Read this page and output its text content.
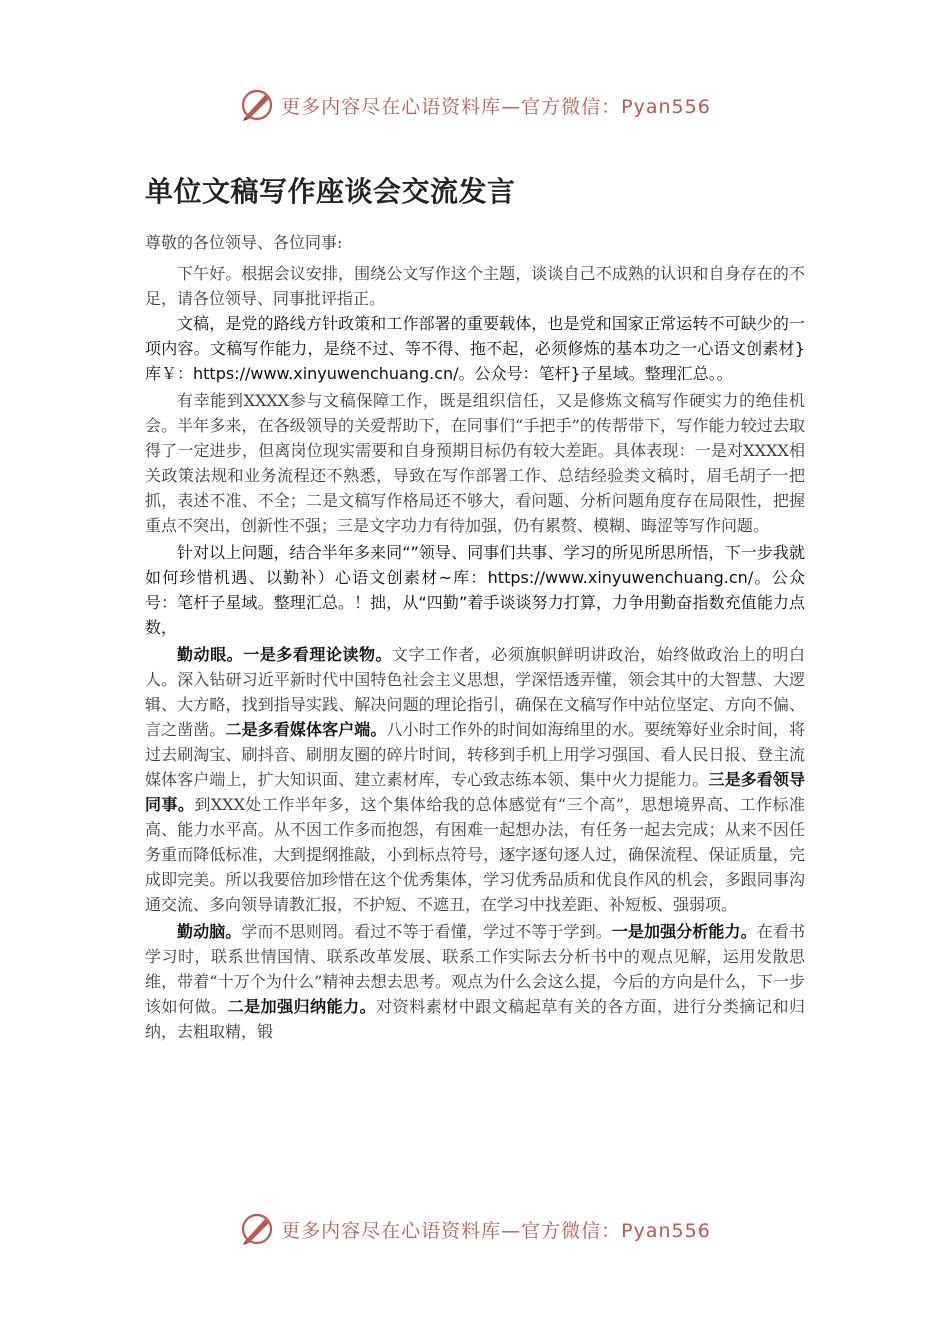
更多内容尽在心语资料库—官方微信：Pyan556
单位文稿写作座谈会交流发言

尊敬的各位领导、各位同事:

下午好。根据会议安排，围绕公文写作这个主题，谈谈自己不成熟的认识和自身存在的不足，请各位领导、同事批评指正。

文稿，是党的路线方针政策和工作部署的重要载体，也是党和国家正常运转不可缺少的一项内容。文稿写作能力，是绕不过、等不得、拖不起，必须修炼的基本功之一心语文创素材}库￥：https://www.xinyuwenchuang.cn/。公众号：笔杆}子星域。整理汇总。。

有幸能到XXXX参与文稿保障工作，既是组织信任，又是修炼文稿写作硬实力的绝佳机会。半年多来，在各级领导的关爱帮助下，在同事们“手把手”的传帮带下，写作能力较过去取得了一定进步，但离岗位现实需要和自身预期目标仍有较大差距。具体表现：一是对XXXX相关政策法规和业务流程还不熟悉，导致在写作部署工作、总结经验类文稿时，眉毛胡子一把抓，表述不准、不全；二是文稿写作格局还不够大，看问题、分析问题角度存在局限性，把握重点不突出，创新性不强；三是文字功力有待加强，仍有累赘、模糊、晦涩等写作问题。

针对以上问题，结合半年多来同“”领导、同事们共事、学习的所见所思所悟，下一步我就如何珍惜机遇、以勤补）心语文创素材~库：https://www.xinyuwenchuang.cn/。公众号：笔杆子星域。整理汇总。！拙，从“四勤”着手谈谈努力打算，力争用勤奋指数充值能力点数，

勤动眼。一是多看理论读物。文字工作者，必须旗帜鲜明讲政治，始终做政治上的明白人。深入钻研习近平新时代中国特色社会主义思想，学深悟透弄懂，领会其中的大智慧、大逻辑、大方略，找到指导实践、解决问题的理论指引，确保在文稿写作中站位坚定、方向不偏、言之凿凿。二是多看媒体客户端。八小时工作外的时间如海绵里的水。要统筹好业余时间，将过去刷淘宝、刷抖音、刷朋友圈的碎片时间，转移到手机上用学习强国、看人民日报、登主流媒体客户端上，扩大知识面、建立素材库，专心致志练本领、集中火力提能力。三是多看领导同事。到XXX处工作半年多，这个集体给我的总体感觉有“三个高”，思想境界高、工作标准高、能力水平高。从不因工作多而抱怨，有困难一起想办法，有任务一起去完成；从来不因任务重而降低标准，大到提纲推敲，小到标点符号，逐字逐句逐人过，确保流程、保证质量，完成即完美。所以我要倍加珍惜在这个优秀集体，学习优秀品质和优良作风的机会，多跟同事沟通交流、多向领导请教汇报，不护短、不遮丑，在学习中找差距、补短板、强弱项。

勤动脑。学而不思则罔。看过不等于看懂，学过不等于学到。一是加强分析能力。在看书学习时，联系世情国情、联系改革发展、联系工作实际去分析书中的观点见解，运用发散思维，带着“十万个为什么”精神去想去思考。观点为什么会这么提，今后的方向是什么，下一步该如何做。二是加强归纳能力。对资料素材中跟文稿起草有关的各方面，进行分类摘记和归纳，去粗取精，锻

更多内容尽在心语资料库—官方微信：Pyan556
